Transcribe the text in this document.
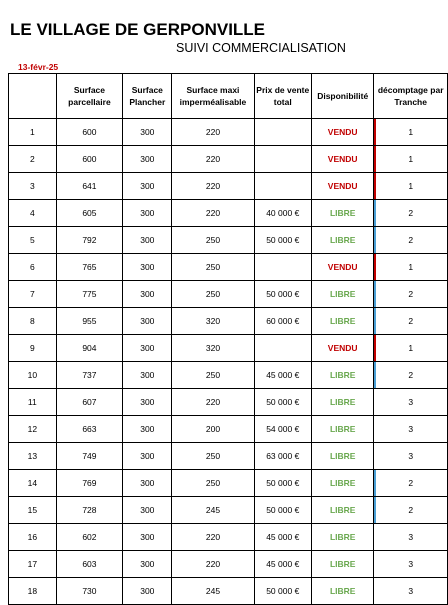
LE VILLAGE DE GERPONVILLE
SUIVI COMMERCIALISATION
13-févr-25
	Surface parcellaire	Surface Plancher	Surface maxi imperméalisable	Prix de vente total	Disponibilité	décomptage par Tranche
1	600	300	220		VENDU	1
2	600	300	220		VENDU	1
3	641	300	220		VENDU	1
4	605	300	220	40 000 €	LIBRE	2
5	792	300	250	50 000 €	LIBRE	2
6	765	300	250		VENDU	1
7	775	300	250	50 000 €	LIBRE	2
8	955	300	320	60 000 €	LIBRE	2
9	904	300	320		VENDU	1
10	737	300	250	45 000 €	LIBRE	2
11	607	300	220	50 000 €	LIBRE	3
12	663	300	200	54 000 €	LIBRE	3
13	749	300	250	63 000 €	LIBRE	3
14	769	300	250	50 000 €	LIBRE	2
15	728	300	245	50 000 €	LIBRE	2
16	602	300	220	45 000 €	LIBRE	3
17	603	300	220	45 000 €	LIBRE	3
18	730	300	245	50 000 €	LIBRE	3
